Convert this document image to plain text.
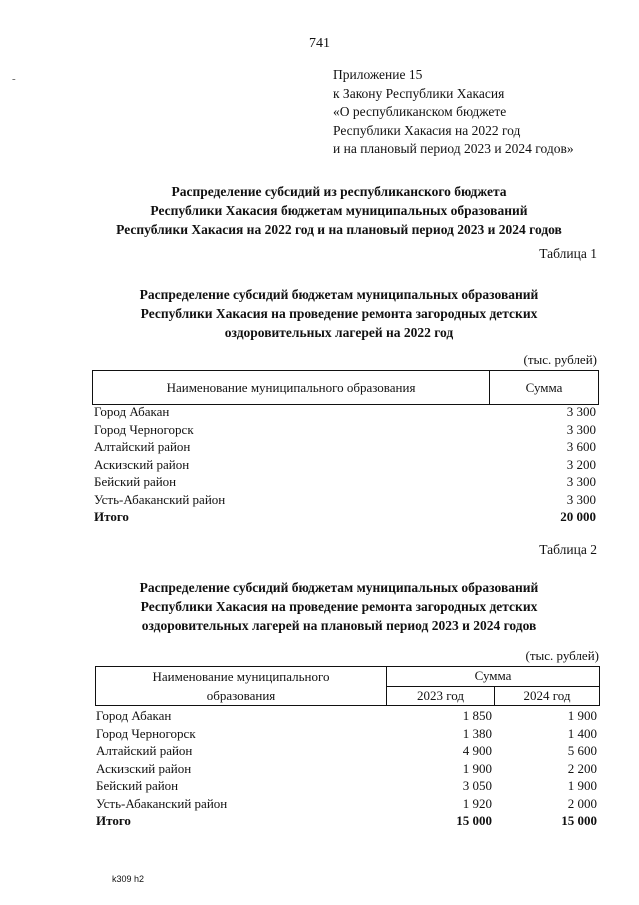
741
-	Приложение 15
к Закону Республики Хакасия
«О республиканском бюджете
Республики Хакасия на 2022 год
и на плановый период 2023 и 2024 годов»
Распределение субсидий из республиканского бюджета
Республики Хакасия бюджетам муниципальных образований
Республики Хакасия на 2022 год и на плановый период 2023 и 2024 годов
Таблица 1
Распределение субсидий бюджетам муниципальных образований
Республики Хакасия на проведение ремонта загородных детских
оздоровительных лагерей на 2022 год
(тыс. рублей)
Наименование муниципального образования	Сумма
Город Абакан	3 300
Город Черногорск	3 300
Алтайский район	3 600
Аскизский район	3 200
Бейский район	3 300
Усть-Абаканский район	3 300
Итого	20 000
Таблица 2
Распределение субсидий бюджетам муниципальных образований
Республики Хакасия на проведение ремонта загородных детских
оздоровительных лагерей на плановый период 2023 и 2024 годов
(тыс. рублей)
Наименование муниципального
образования	Сумма	
	2023 год	2024 год
Город Абакан	1 850	1 900
Город Черногорск	1 380	1 400
Алтайский район	4 900	5 600
Аскизский район	1 900	2 200
Бейский район	3 050	1 900
Усть-Абаканский район	1 920	2 000
Итого	15 000	15 000
k309 h2
